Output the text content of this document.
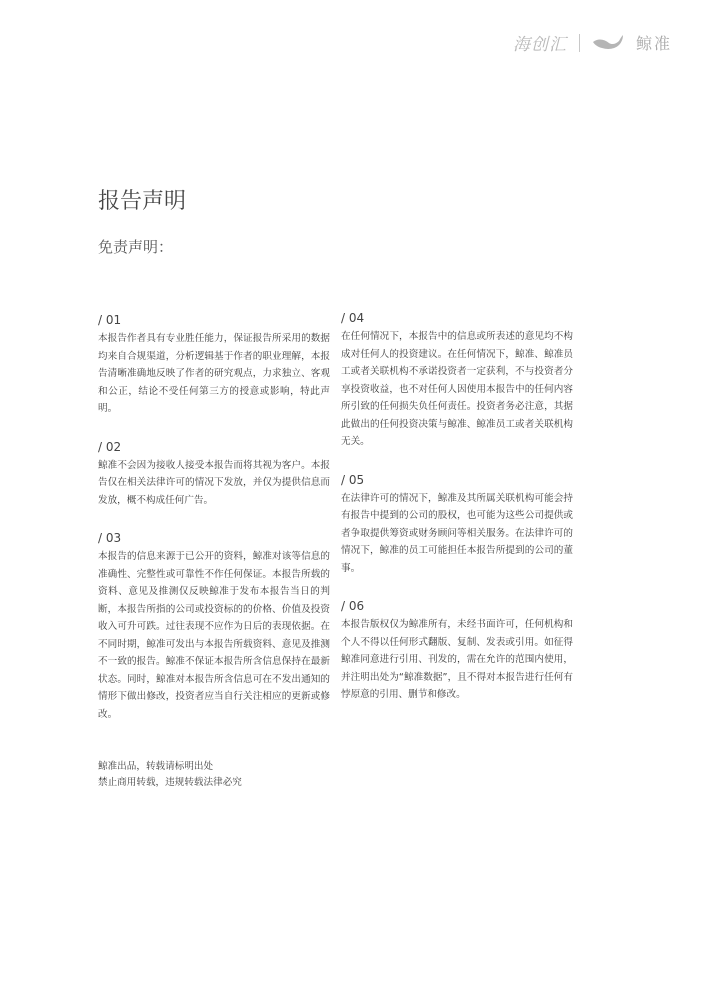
海创汇	鲸准
报告声明
免责声明：
/ 01

本报告作者具有专业胜任能力，保证报告所采用的数据均来自合规渠道，分析逻辑基于作者的职业理解，本报告清晰准确地反映了作者的研究观点，力求独立、客观和公正，结论不受任何第三方的授意或影响，特此声明。

/ 02

鲸准不会因为接收人接受本报告而将其视为客户。本报告仅在相关法律许可的情况下发放，并仅为提供信息而发放，概不构成任何广告。

/ 03

本报告的信息来源于已公开的资料，鲸准对该等信息的准确性、完整性或可靠性不作任何保证。本报告所载的资料、意见及推测仅反映鲸准于发布本报告当日的判断，本报告所指的公司或投资标的的价格、价值及投资收入可升可跌。过往表现不应作为日后的表现依据。在不同时期，鲸准可发出与本报告所载资料、意见及推测不一致的报告。鲸准不保证本报告所含信息保持在最新状态。同时，鲸准对本报告所含信息可在不发出通知的情形下做出修改，投资者应当自行关注相应的更新或修改。

/ 04

在任何情况下，本报告中的信息或所表述的意见均不构成对任何人的投资建议。在任何情况下，鲸准、鲸准员工或者关联机构不承诺投资者一定获利，不与投资者分享投资收益，也不对任何人因使用本报告中的任何内容所引致的任何损失负任何责任。投资者务必注意，其据此做出的任何投资决策与鲸准、鲸准员工或者关联机构无关。

/ 05

在法律许可的情况下，鲸准及其所属关联机构可能会持有报告中提到的公司的股权，也可能为这些公司提供或者争取提供筹资或财务顾问等相关服务。在法律许可的情况下，鲸准的员工可能担任本报告所提到的公司的董事。

/ 06

本报告版权仅为鲸准所有，未经书面许可，任何机构和个人不得以任何形式翻版、复制、发表或引用。如征得鲸准同意进行引用、刊发的，需在允许的范围内使用，并注明出处为“鲸准数据”，且不得对本报告进行任何有悖原意的引用、删节和修改。

鲸准出品，转载请标明出处
禁止商用转载，违规转载法律必究
